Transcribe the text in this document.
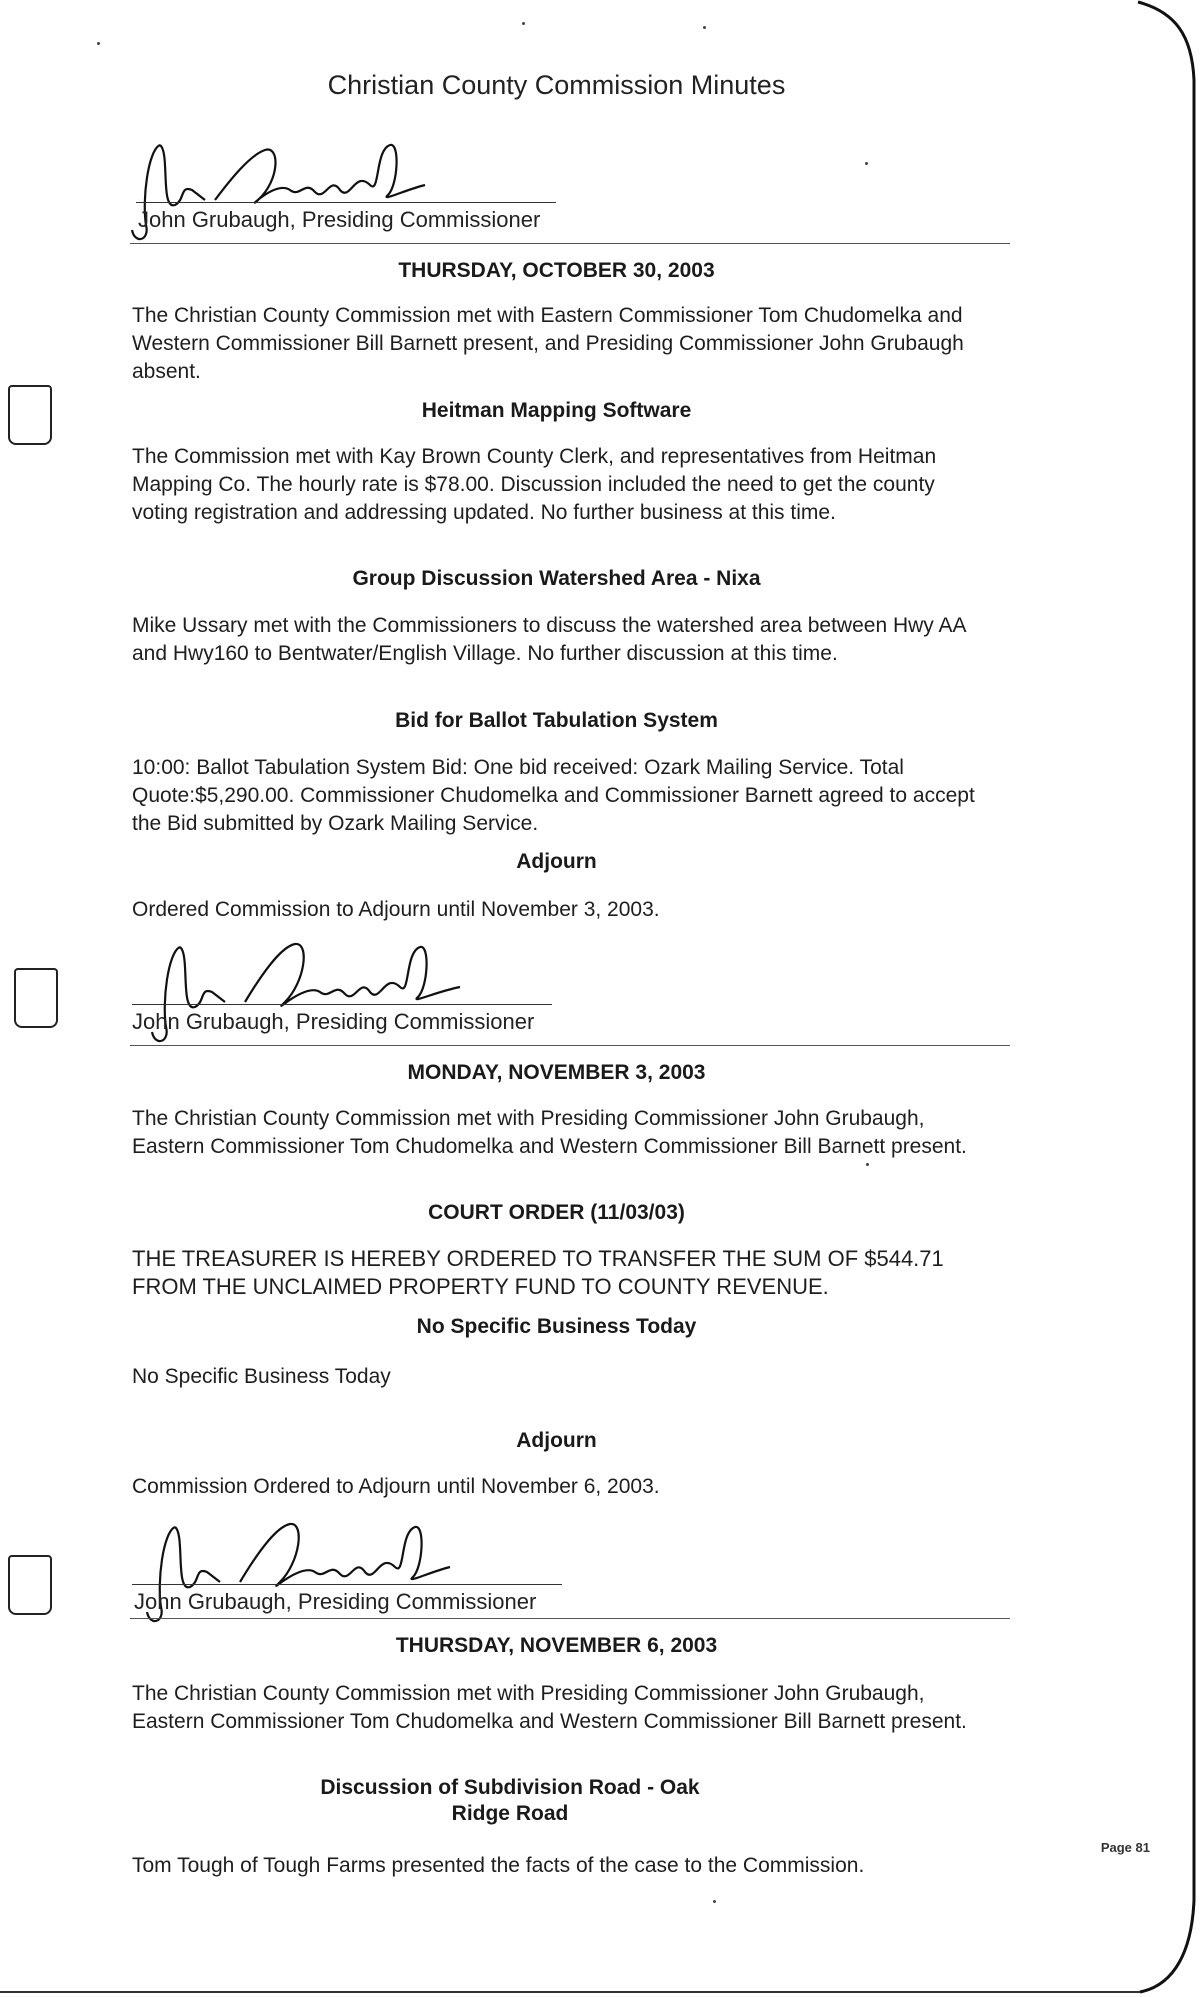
Christian County Commission Minutes
John Grubaugh, Presiding Commissioner
THURSDAY, OCTOBER 30, 2003
The Christian County Commission met with Eastern Commissioner Tom Chudomelka and Western Commissioner Bill Barnett present, and Presiding Commissioner John Grubaugh absent.
Heitman Mapping Software
The Commission met with Kay Brown County Clerk, and representatives from Heitman Mapping Co. The hourly rate is $78.00. Discussion included the need to get the county voting registration and addressing updated. No further business at this time.
Group Discussion Watershed Area - Nixa
Mike Ussary met with the Commissioners to discuss the watershed area between Hwy AA and Hwy160 to Bentwater/English Village. No further discussion at this time.
Bid for Ballot Tabulation System
10:00: Ballot Tabulation System Bid: One bid received: Ozark Mailing Service. Total Quote:$5,290.00. Commissioner Chudomelka and Commissioner Barnett agreed to accept the Bid submitted by Ozark Mailing Service.
Adjourn
Ordered Commission to Adjourn until November 3, 2003.
John Grubaugh, Presiding Commissioner
MONDAY, NOVEMBER 3, 2003
The Christian County Commission met with Presiding Commissioner John Grubaugh, Eastern Commissioner Tom Chudomelka and Western Commissioner Bill Barnett present.
COURT ORDER (11/03/03)
THE TREASURER IS HEREBY ORDERED TO TRANSFER THE SUM OF $544.71 FROM THE UNCLAIMED PROPERTY FUND TO COUNTY REVENUE.
No Specific Business Today
No Specific Business Today
Adjourn
Commission Ordered to Adjourn until November 6, 2003.
John Grubaugh, Presiding Commissioner
THURSDAY, NOVEMBER 6, 2003
The Christian County Commission met with Presiding Commissioner John Grubaugh, Eastern Commissioner Tom Chudomelka and Western Commissioner Bill Barnett present.
Discussion of Subdivision Road - Oak Ridge Road
Tom Tough of Tough Farms presented the facts of the case to the Commission.
Page 81
